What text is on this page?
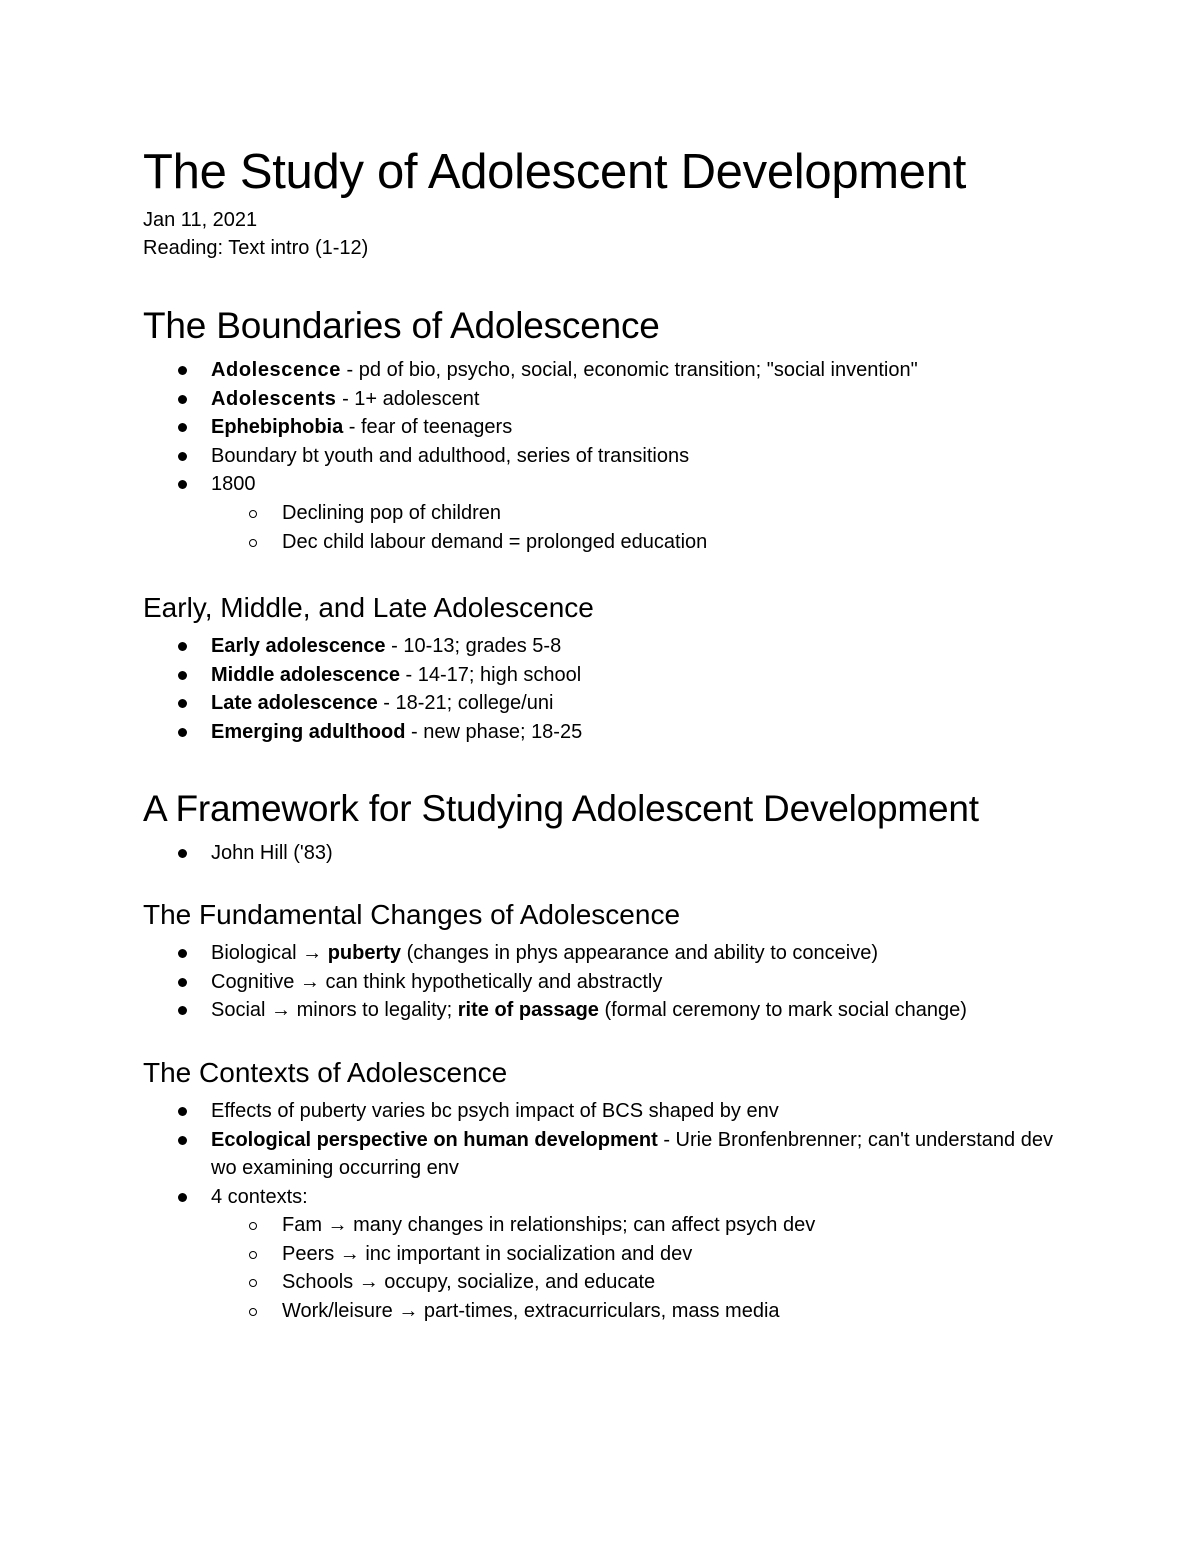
The Study of Adolescent Development

Jan 11, 2021

Reading: Text intro (1-12)

The Boundaries of Adolescence
Adolescence - pd of bio, psycho, social, economic transition; "social invention"
Adolescents - 1+ adolescent
Ephebiphobia - fear of teenagers
Boundary bt youth and adulthood, series of transitions
1800
Declining pop of children
Dec child labour demand = prolonged education
Early, Middle, and Late Adolescence
Early adolescence - 10-13; grades 5-8
Middle adolescence - 14-17; high school
Late adolescence - 18-21; college/uni
Emerging adulthood - new phase; 18-25
A Framework for Studying Adolescent Development
John Hill ('83)
The Fundamental Changes of Adolescence
Biological → puberty (changes in phys appearance and ability to conceive)
Cognitive → can think hypothetically and abstractly
Social → minors to legality; rite of passage (formal ceremony to mark social change)
The Contexts of Adolescence
Effects of puberty varies bc psych impact of BCS shaped by env
Ecological perspective on human development - Urie Bronfenbrenner; can't understand dev wo examining occurring env
4 contexts:
Fam → many changes in relationships; can affect psych dev
Peers → inc important in socialization and dev
Schools → occupy, socialize, and educate
Work/leisure → part-times, extracurriculars, mass media
